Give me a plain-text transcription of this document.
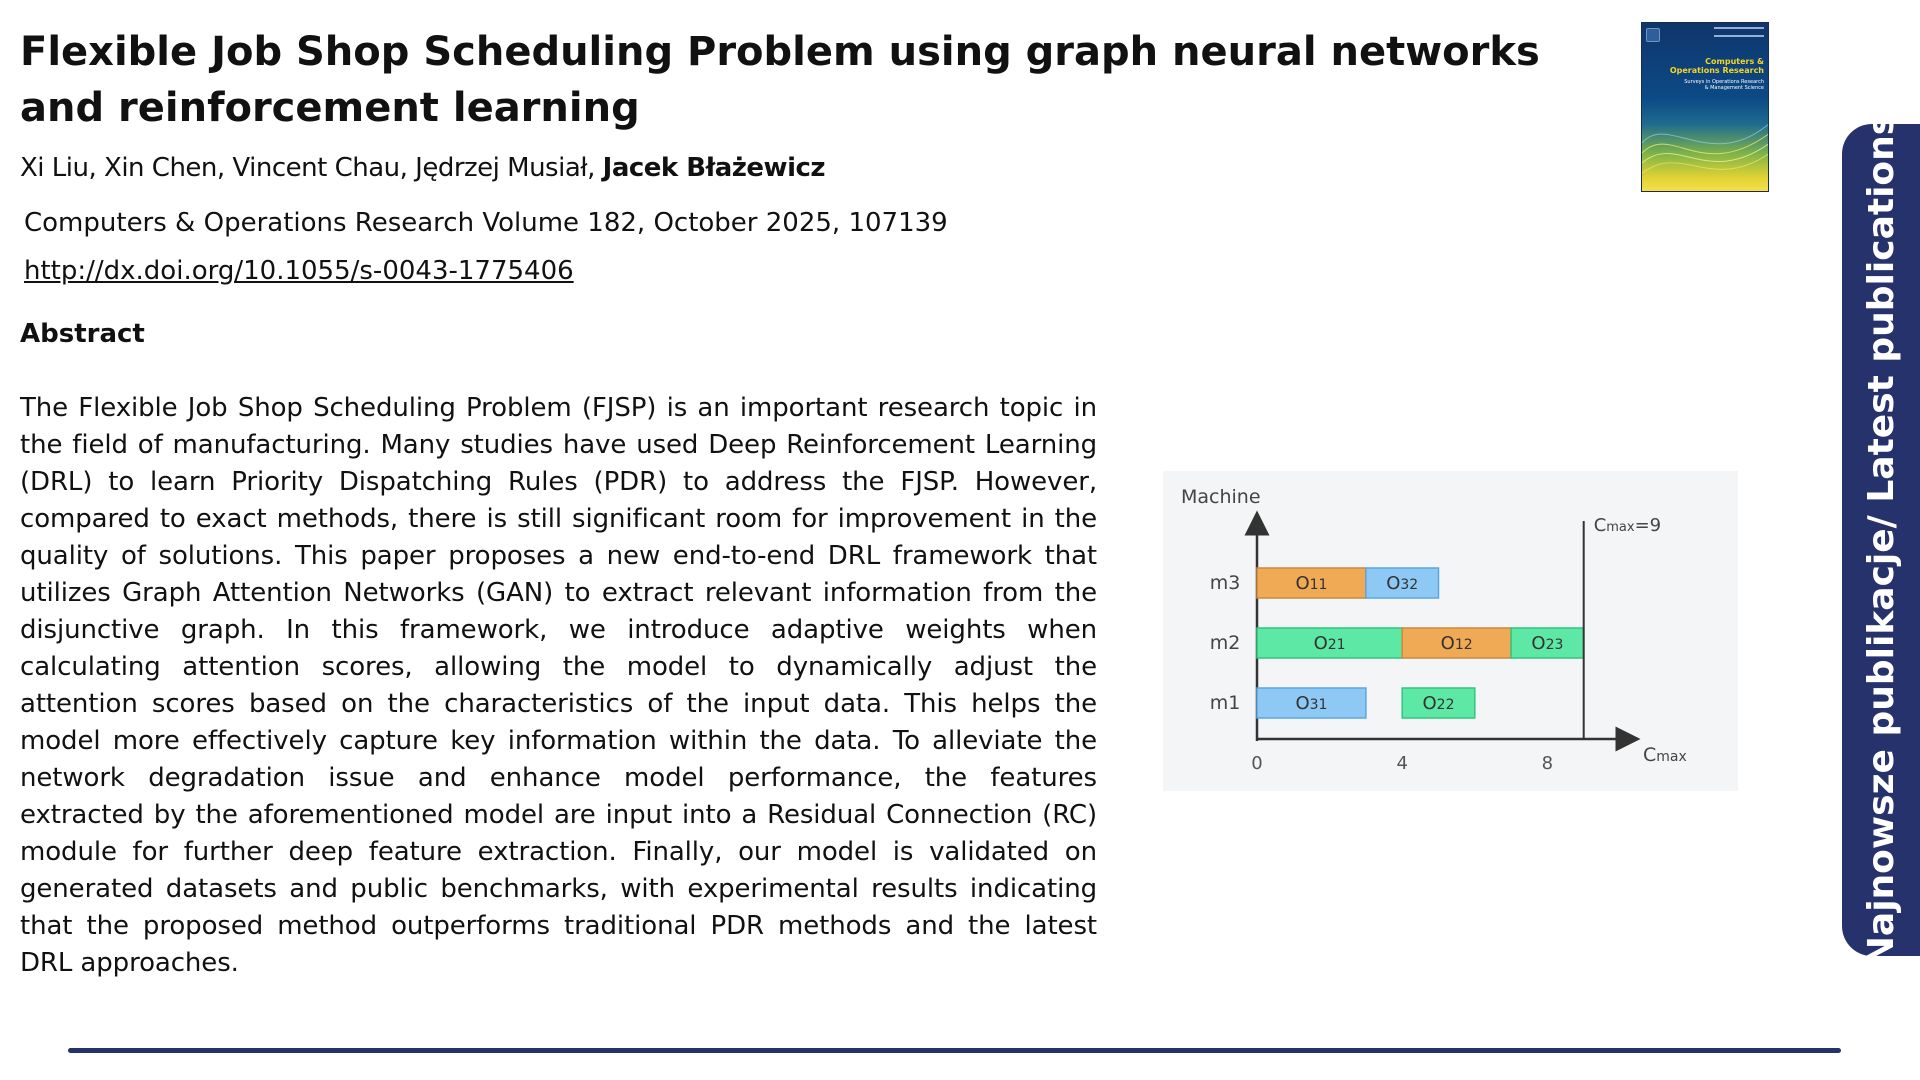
Flexible Job Shop Scheduling Problem using graph neural networks and reinforcement learning
Xi Liu, Xin Chen, Vincent Chau, Jędrzej Musiał, Jacek Błażewicz
Computers & Operations Research Volume 182, October 2025, 107139
http://dx.doi.org/10.1055/s-0043-1775406
Abstract

The Flexible Job Shop Scheduling Problem (FJSP) is an important research topic in the field of manufacturing. Many studies have used Deep Reinforcement Learning (DRL) to learn Priority Dispatching Rules (PDR) to address the FJSP. However, compared to exact methods, there is still significant room for improvement in the quality of solutions. This paper proposes a new end-to-end DRL framework that utilizes Graph Attention Networks (GAN) to extract relevant information from the disjunctive graph. In this framework, we introduce adaptive weights when calculating attention scores, allowing the model to dynamically adjust the attention scores based on the characteristics of the input data. This helps the model more effectively capture key information within the data. To alleviate the network degradation issue and enhance model performance, the features extracted by the aforementioned model are input into a Residual Connection (RC) module for further deep feature extraction. Finally, our model is validated on generated datasets and public benchmarks, with experimental results indicating that the proposed method outperforms traditional PDR methods and the latest DRL approaches.

Computers &
Operations Research
Surveys in Operations Research
& Management Science
Machine
Cmax
m3
m2
m1
O11	O32
O21	O12	O23
O31	O22
Cmax=9
0	4	8	Najnowsze publikacje/ Latest publications
